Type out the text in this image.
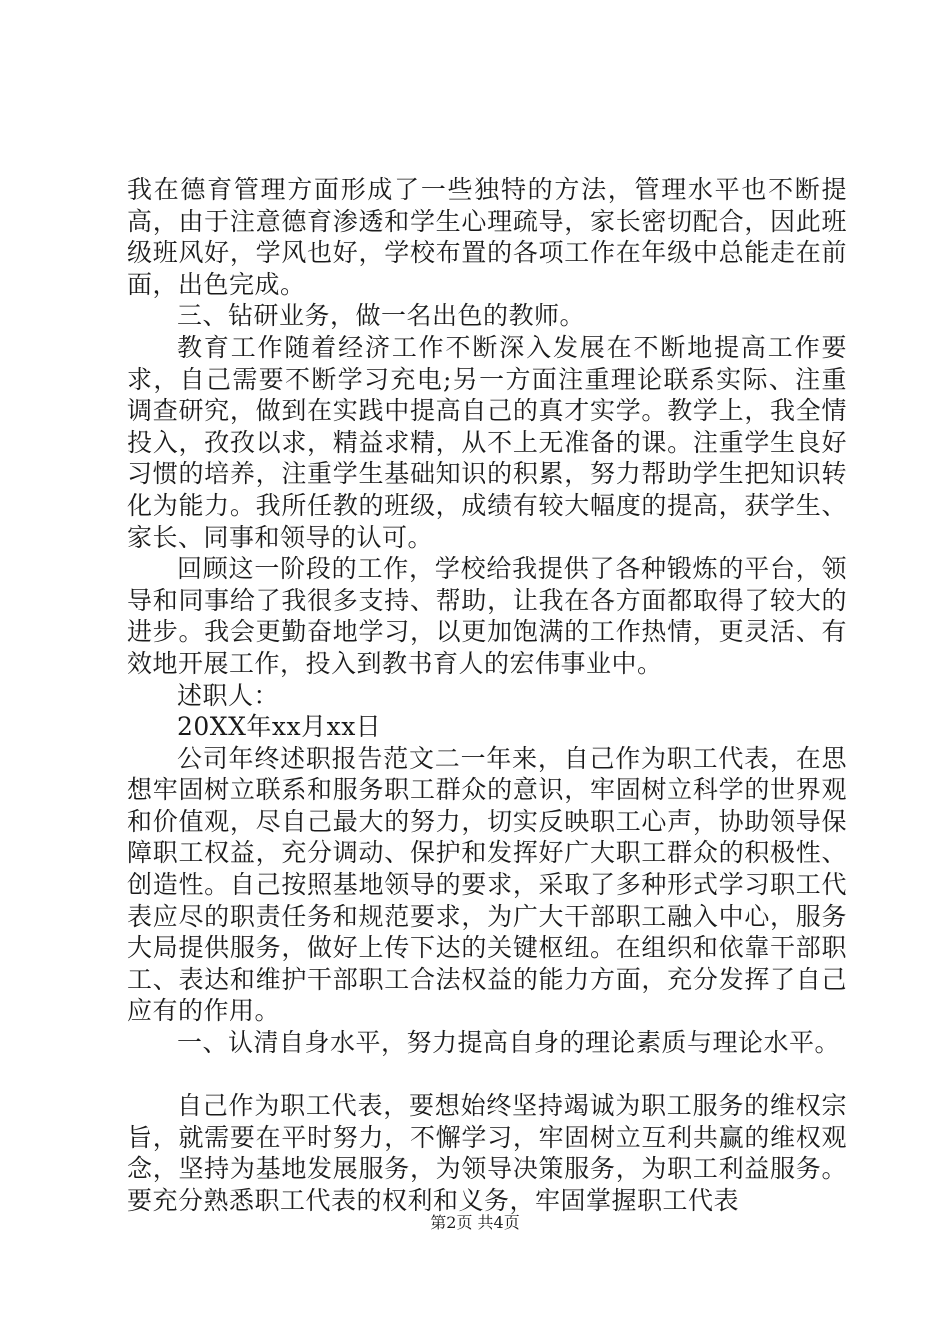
我在德育管理方面形成了一些独特的方法，管理水平也不断提高，由于注意德育渗透和学生心理疏导，家长密切配合，因此班级班风好，学风也好，学校布置的各项工作在年级中总能走在前面，出色完成。

三、钻研业务，做一名出色的教师。

教育工作随着经济工作不断深入发展在不断地提高工作要求，自己需要不断学习充电;另一方面注重理论联系实际、注重调查研究，做到在实践中提高自己的真才实学。教学上，我全情投入，孜孜以求，精益求精，从不上无准备的课。注重学生良好习惯的培养，注重学生基础知识的积累，努力帮助学生把知识转化为能力。我所任教的班级，成绩有较大幅度的提高，获学生、家长、同事和领导的认可。

回顾这一阶段的工作，学校给我提供了各种锻炼的平台，领导和同事给了我很多支持、帮助，让我在各方面都取得了较大的进步。我会更勤奋地学习，以更加饱满的工作热情，更灵活、有效地开展工作，投入到教书育人的宏伟事业中。

述职人：

20XX年xx月xx日

公司年终述职报告范文二一年来，自己作为职工代表，在思想牢固树立联系和服务职工群众的意识，牢固树立科学的世界观和价值观，尽自己最大的努力，切实反映职工心声，协助领导保障职工权益，充分调动、保护和发挥好广大职工群众的积极性、创造性。自己按照基地领导的要求，采取了多种形式学习职工代表应尽的职责任务和规范要求，为广大干部职工融入中心，服务大局提供服务，做好上传下达的关键枢纽。在组织和依靠干部职工、表达和维护干部职工合法权益的能力方面，充分发挥了自己应有的作用。

一、认清自身水平，努力提高自身的理论素质与理论水平。

自己作为职工代表，要想始终坚持竭诚为职工服务的维权宗旨，就需要在平时努力，不懈学习，牢固树立互利共赢的维权观念，坚持为基地发展服务，为领导决策服务，为职工利益服务。要充分熟悉职工代表的权利和义务，牢固掌握职工代表

第2页 共4页
